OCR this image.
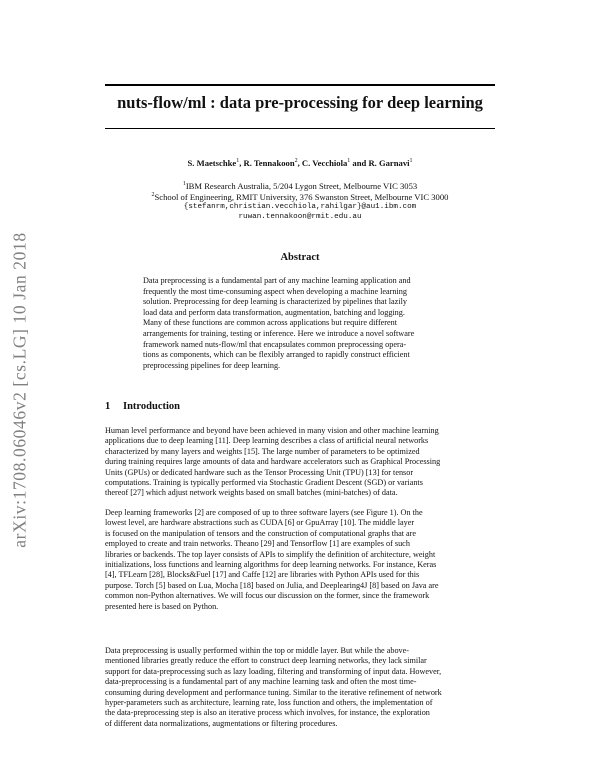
arXiv:1708.06046v2 [cs.LG] 10 Jan 2018
nuts-flow/ml : data pre-processing for deep learning
S. Maetschke$^1$, R. Tennakoon$^2$, C. Vecchiola$^1$ and R. Garnavi$^1$
$^1$IBM Research Australia, 5/204 Lygon Street, Melbourne VIC 3053
$^2$School of Engineering, RMIT University, 376 Swanston Street, Melbourne VIC 3000
{stefanrm,christian.vecchiola,rahilgar}@au1.ibm.com
ruwan.tennakoon@rmit.edu.au
Abstract

Data preprocessing is a fundamental part of any machine learning application and
frequently the most time-consuming aspect when developing a machine learning
solution. Preprocessing for deep learning is characterized by pipelines that lazily
load data and perform data transformation, augmentation, batching and logging.
Many of these functions are common across applications but require different
arrangements for training, testing or inference. Here we introduce a novel software
framework named nuts-flow/ml that encapsulates common preprocessing opera-
tions as components, which can be flexibly arranged to rapidly construct efficient
preprocessing pipelines for deep learning.

1 Introduction

Human level performance and beyond have been achieved in many vision and other machine learning
applications due to deep learning [11]. Deep learning describes a class of artificial neural networks
characterized by many layers and weights [15]. The large number of parameters to be optimized
during training requires large amounts of data and hardware accelerators such as Graphical Processing
Units (GPUs) or dedicated hardware such as the Tensor Processing Unit (TPU) [13] for tensor
computations. Training is typically performed via Stochastic Gradient Descent (SGD) or variants
thereof [27] which adjust network weights based on small batches (mini-batches) of data.

Deep learning frameworks [2] are composed of up to three software layers (see Figure 1). On the
lowest level, are hardware abstractions such as CUDA [6] or GpuArray [10]. The middle layer
is focused on the manipulation of tensors and the construction of computational graphs that are
employed to create and train networks. Theano [29] and Tensorflow [1] are examples of such
libraries or backends. The top layer consists of APIs to simplify the definition of architecture, weight
initializations, loss functions and learning algorithms for deep learning networks. For instance, Keras
[4], TFLearn [28], Blocks&Fuel [17] and Caffe [12] are libraries with Python APIs used for this
purpose. Torch [5] based on Lua, Mocha [18] based on Julia, and Deeplearing4J [8] based on Java are
common non-Python alternatives. We will focus our discussion on the former, since the framework
presented here is based on Python.

Data preprocessing is usually performed within the top or middle layer. But while the above-
mentioned libraries greatly reduce the effort to construct deep learning networks, they lack similar
support for data-preprocessing such as lazy loading, filtering and transforming of input data. However,
data-preprocessing is a fundamental part of any machine learning task and often the most time-
consuming during development and performance tuning. Similar to the iterative refinement of network
hyper-parameters such as architecture, learning rate, loss function and others, the implementation of
the data-preprocessing step is also an iterative process which involves, for instance, the exploration
of different data normalizations, augmentations or filtering procedures.
